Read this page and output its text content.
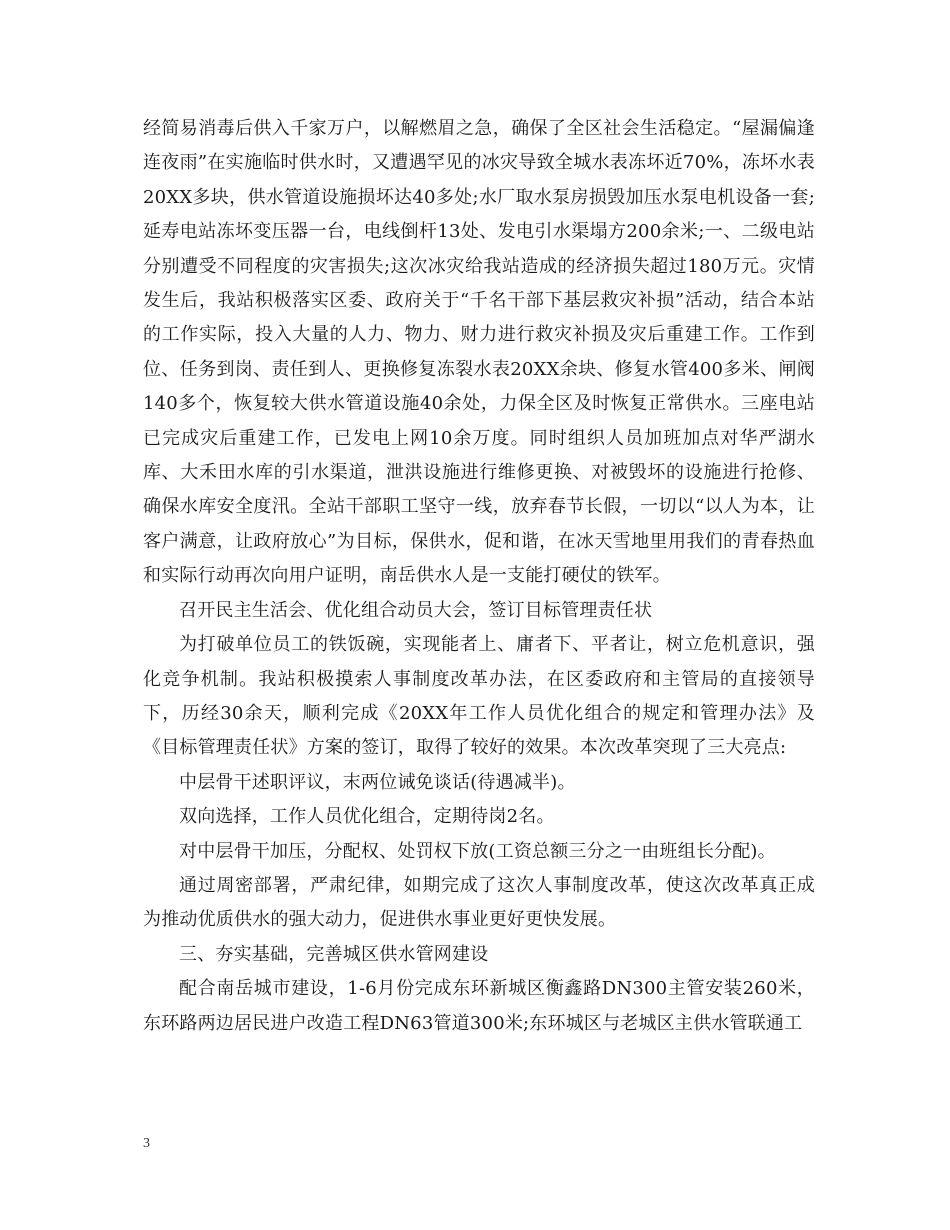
经简易消毒后供入千家万户，以解燃眉之急，确保了全区社会生活稳定。“屋漏偏逢连夜雨”在实施临时供水时，又遭遇罕见的冰灾导致全城水表冻坏近70%，冻坏水表20XX多块，供水管道设施损坏达40多处;水厂取水泵房损毁加压水泵电机设备一套;延寿电站冻坏变压器一台，电线倒杆13处、发电引水渠塌方200余米;一、二级电站分别遭受不同程度的灾害损失;这次冰灾给我站造成的经济损失超过180万元。灾情发生后，我站积极落实区委、政府关于“千名干部下基层救灾补损”活动，结合本站的工作实际，投入大量的人力、物力、财力进行救灾补损及灾后重建工作。工作到位、任务到岗、责任到人、更换修复冻裂水表20XX余块、修复水管400多米、闸阀140多个，恢复较大供水管道设施40余处，力保全区及时恢复正常供水。三座电站已完成灾后重建工作，已发电上网10余万度。同时组织人员加班加点对华严湖水库、大禾田水库的引水渠道，泄洪设施进行维修更换、对被毁坏的设施进行抢修、确保水库安全度汛。全站干部职工坚守一线，放弃春节长假，一切以“以人为本，让客户满意，让政府放心”为目标，保供水，促和谐，在冰天雪地里用我们的青春热血和实际行动再次向用户证明，南岳供水人是一支能打硬仗的铁军。

召开民主生活会、优化组合动员大会，签订目标管理责任状

为打破单位员工的铁饭碗，实现能者上、庸者下、平者让，树立危机意识，强化竞争机制。我站积极摸索人事制度改革办法，在区委政府和主管局的直接领导下，历经30余天，顺利完成《20XX年工作人员优化组合的规定和管理办法》及《目标管理责任状》方案的签订，取得了较好的效果。本次改革突现了三大亮点:

中层骨干述职评议，末两位诫免谈话(待遇减半)。

双向选择，工作人员优化组合，定期待岗2名。

对中层骨干加压，分配权、处罚权下放(工资总额三分之一由班组长分配)。

通过周密部署，严肃纪律，如期完成了这次人事制度改革，使这次改革真正成为推动优质供水的强大动力，促进供水事业更好更快发展。

三、夯实基础，完善城区供水管网建设

配合南岳城市建设，1-6月份完成东环新城区衡鑫路DN300主管安装260米，东环路两边居民进户改造工程DN63管道300米;东环城区与老城区主供水管联通工

3
